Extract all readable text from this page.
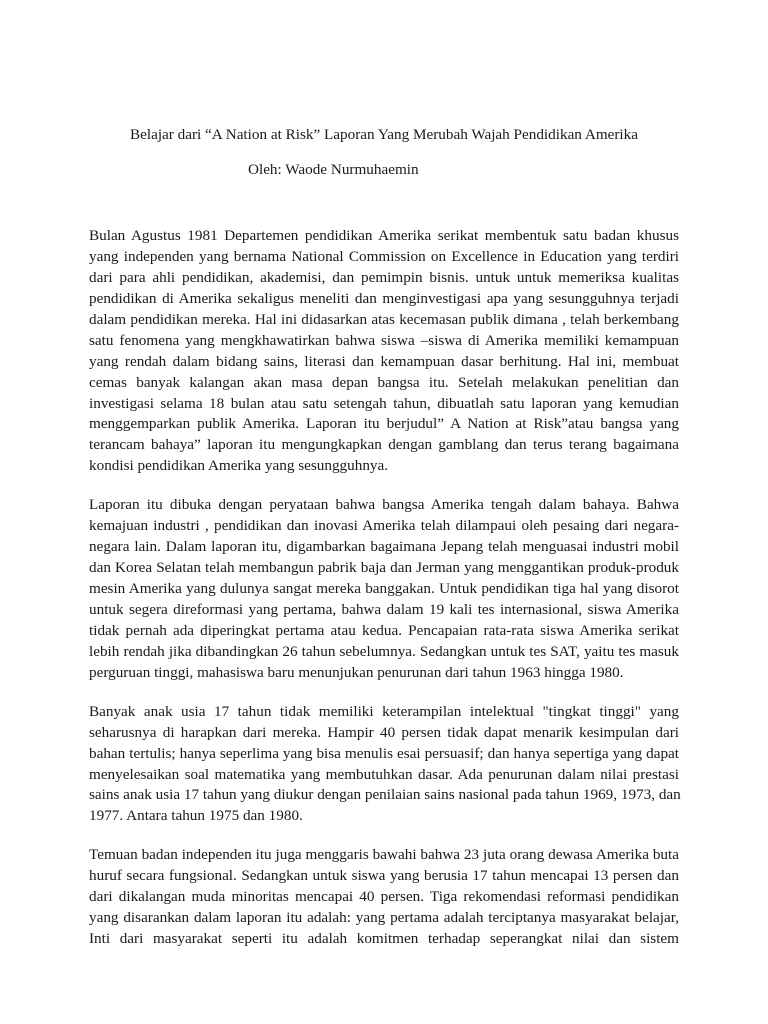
Belajar dari “A Nation at Risk” Laporan Yang Merubah Wajah Pendidikan Amerika
Oleh: Waode Nurmuhaemin
Bulan Agustus 1981 Departemen pendidikan Amerika serikat membentuk satu badan khusus
yang independen yang bernama National Commission on Excellence in Education yang terdiri
dari para ahli pendidikan, akademisi, dan pemimpin bisnis. untuk untuk memeriksa kualitas
pendidikan di Amerika sekaligus meneliti dan menginvestigasi apa yang sesungguhnya terjadi
dalam pendidikan mereka. Hal ini didasarkan atas kecemasan publik dimana , telah berkembang
satu fenomena yang mengkhawatirkan bahwa siswa –siswa di Amerika memiliki kemampuan
yang rendah dalam bidang sains, literasi dan kemampuan dasar berhitung. Hal ini, membuat
cemas banyak kalangan akan masa depan bangsa itu. Setelah melakukan penelitian dan
investigasi selama 18 bulan atau satu setengah tahun, dibuatlah satu laporan yang kemudian
menggemparkan publik Amerika. Laporan itu berjudul” A Nation at Risk”atau bangsa yang
terancam bahaya” laporan itu mengungkapkan dengan gamblang dan terus terang bagaimana
kondisi pendidikan Amerika yang sesungguhnya.
Laporan itu dibuka dengan peryataan bahwa bangsa Amerika tengah dalam bahaya. Bahwa
kemajuan industri , pendidikan dan inovasi Amerika telah dilampaui oleh pesaing dari negara-
negara lain. Dalam laporan itu, digambarkan bagaimana Jepang telah menguasai industri mobil
dan Korea Selatan telah membangun pabrik baja dan Jerman yang menggantikan produk-produk
mesin Amerika yang dulunya sangat mereka banggakan. Untuk pendidikan tiga hal yang disorot
untuk segera direformasi yang pertama, bahwa dalam 19 kali tes internasional, siswa Amerika
tidak pernah ada diperingkat pertama atau kedua. Pencapaian rata-rata siswa Amerika serikat
lebih rendah jika dibandingkan 26 tahun sebelumnya. Sedangkan untuk tes SAT, yaitu tes masuk
perguruan tinggi, mahasiswa baru menunjukan penurunan dari tahun 1963 hingga 1980.
Banyak anak usia 17 tahun tidak memiliki keterampilan intelektual "tingkat tinggi" yang
seharusnya di harapkan dari mereka. Hampir 40 persen tidak dapat menarik kesimpulan dari
bahan tertulis; hanya seperlima yang bisa menulis esai persuasif; dan hanya sepertiga yang dapat
menyelesaikan soal matematika yang membutuhkan dasar. Ada penurunan dalam nilai prestasi
sains anak usia 17 tahun yang diukur dengan penilaian sains nasional pada tahun 1969, 1973, dan
1977. Antara tahun 1975 dan 1980.
Temuan badan independen itu juga menggaris bawahi bahwa 23 juta orang dewasa Amerika buta
huruf secara fungsional. Sedangkan untuk siswa yang berusia 17 tahun mencapai 13 persen dan
dari dikalangan muda minoritas mencapai 40 persen. Tiga rekomendasi reformasi pendidikan
yang disarankan dalam laporan itu adalah: yang pertama adalah terciptanya masyarakat belajar,
Inti dari masyarakat seperti itu adalah komitmen terhadap seperangkat nilai dan sistem
